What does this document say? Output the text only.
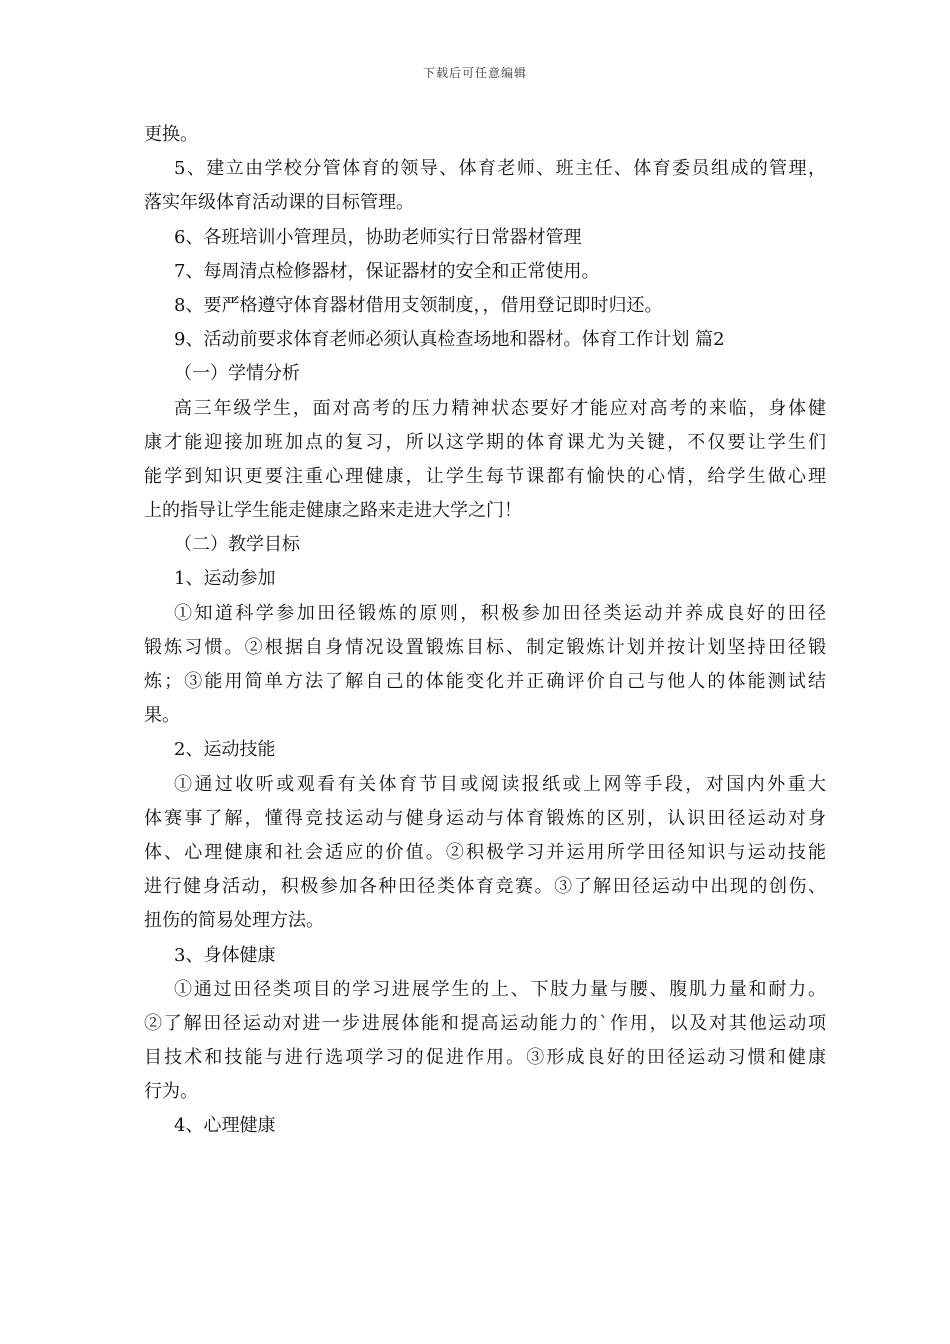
下载后可任意编辑
更换。
5、建立由学校分管体育的领导、体育老师、班主任、体育委员组成的管理，
落实年级体育活动课的目标管理。
6、各班培训小管理员，协助老师实行日常器材管理
7、每周清点检修器材，保证器材的安全和正常使用。
8、要严格遵守体育器材借用支领制度，，借用登记即时归还。
9、活动前要求体育老师必须认真检查场地和器材。体育工作计划 篇2
（一）学情分析
高三年级学生，面对高考的压力精神状态要好才能应对高考的来临，身体健
康才能迎接加班加点的复习，所以这学期的体育课尤为关键，不仅要让学生们
能学到知识更要注重心理健康，让学生每节课都有愉快的心情，给学生做心理
上的指导让学生能走健康之路来走进大学之门！
（二）教学目标
1、运动参加
①知道科学参加田径锻炼的原则，积极参加田径类运动并养成良好的田径
锻炼习惯。②根据自身情况设置锻炼目标、制定锻炼计划并按计划坚持田径锻
炼；③能用简单方法了解自己的体能变化并正确评价自己与他人的体能测试结
果。
2、运动技能
①通过收听或观看有关体育节目或阅读报纸或上网等手段，对国内外重大
体赛事了解，懂得竞技运动与健身运动与体育锻炼的区别，认识田径运动对身
体、心理健康和社会适应的价值。②积极学习并运用所学田径知识与运动技能
进行健身活动，积极参加各种田径类体育竞赛。③了解田径运动中出现的创伤、
扭伤的简易处理方法。
3、身体健康
①通过田径类项目的学习进展学生的上、下肢力量与腰、腹肌力量和耐力。
②了解田径运动对进一步进展体能和提高运动能力的`作用，以及对其他运动项
目技术和技能与进行选项学习的促进作用。③形成良好的田径运动习惯和健康
行为。
4、心理健康
